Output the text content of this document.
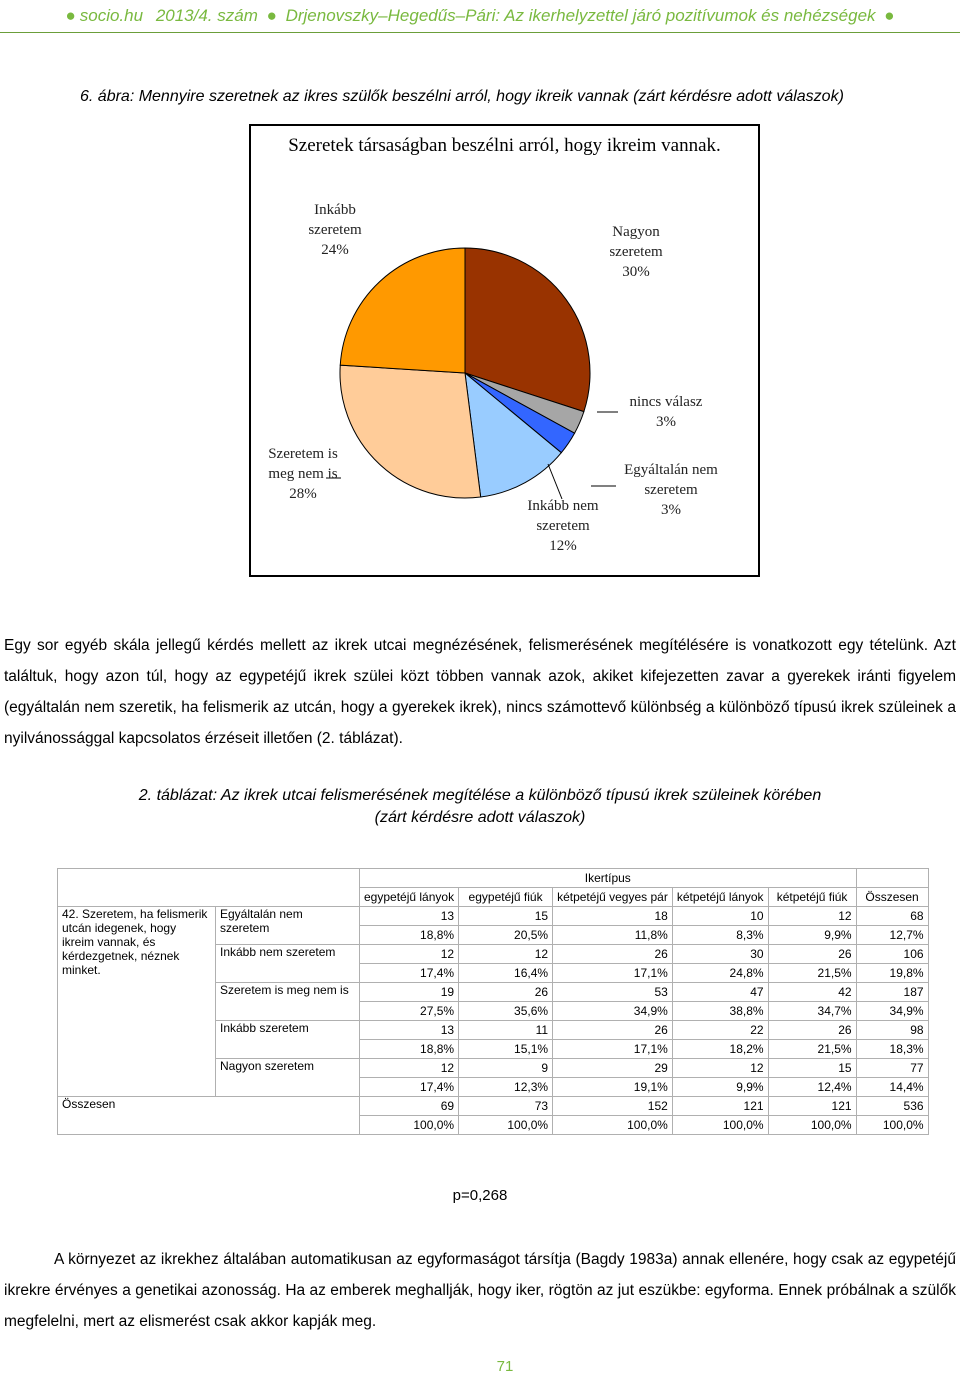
● socio.hu
2013/4. szám ● Drjenovszky–Hegedűs–Pári: Az ikerhelyzettel járó pozitívumok és nehézségek ●
6. ábra: Mennyire szeretnek az ikres szülők beszélni arról, hogy ikreik vannak (zárt kérdésre adott válaszok)
Szeretek társaságban beszélni arról, hogy ikreim vannak.
Nagyon
szeretem
30%
nincs válasz
3%
Egyáltalán nem
szeretem
3%
Inkább nem
szeretem
12%
Szeretem is
meg nem is
28%
Inkább
szeretem
24%
Egy sor egyéb skála jellegű kérdés mellett az ikrek utcai megnézésének, felismerésének megítélésére is vonatkozott egy tételünk. Azt találtuk, hogy azon túl, hogy az egypetéjű ikrek szülei közt többen vannak azok, akiket kifejezetten zavar a gyerekek iránti figyelem (egyáltalán nem szeretik, ha felismerik az utcán, hogy a gyerekek ikrek), nincs számottevő különbség a különböző típusú ikrek szüleinek a nyilvánossággal kapcsolatos érzéseit illetően (2. táblázat).
2. táblázat: Az ikrek utcai felismerésének megítélése a különböző típusú ikrek szüleinek körében
(zárt kérdésre adott válaszok)
		Ikertípus					
		egypetéjű lányok	egypetéjű fiúk	kétpetéjű vegyes pár	kétpetéjű lányok	kétpetéjű fiúk	Összesen
42. Szeretem, ha felismerik utcán idegenek, hogy ikreim vannak, és kérdezgetnek, néznek minket.	Egyáltalán nem szeretem	13	15	18	10	12	68
		18,8%	20,5%	11,8%	8,3%	9,9%	12,7%
	Inkább nem szeretem	12	12	26	30	26	106
		17,4%	16,4%	17,1%	24,8%	21,5%	19,8%
	Szeretem is meg nem is	19	26	53	47	42	187
		27,5%	35,6%	34,9%	38,8%	34,7%	34,9%
	Inkább szeretem	13	11	26	22	26	98
		18,8%	15,1%	17,1%	18,2%	21,5%	18,3%
	Nagyon szeretem	12	9	29	12	15	77
		17,4%	12,3%	19,1%	9,9%	12,4%	14,4%
Összesen		69	73	152	121	121	536
		100,0%	100,0%	100,0%	100,0%	100,0%	100,0%
p=0,268
A környezet az ikrekhez általában automatikusan az egyformaságot társítja (Bagdy 1983a) annak ellenére, hogy csak az egypetéjű ikrekre érvényes a genetikai azonosság. Ha az emberek meghallják, hogy iker, rögtön az jut eszükbe: egyforma. Ennek próbálnak a szülők megfelelni, mert az elismerést csak akkor kapják meg.
71
